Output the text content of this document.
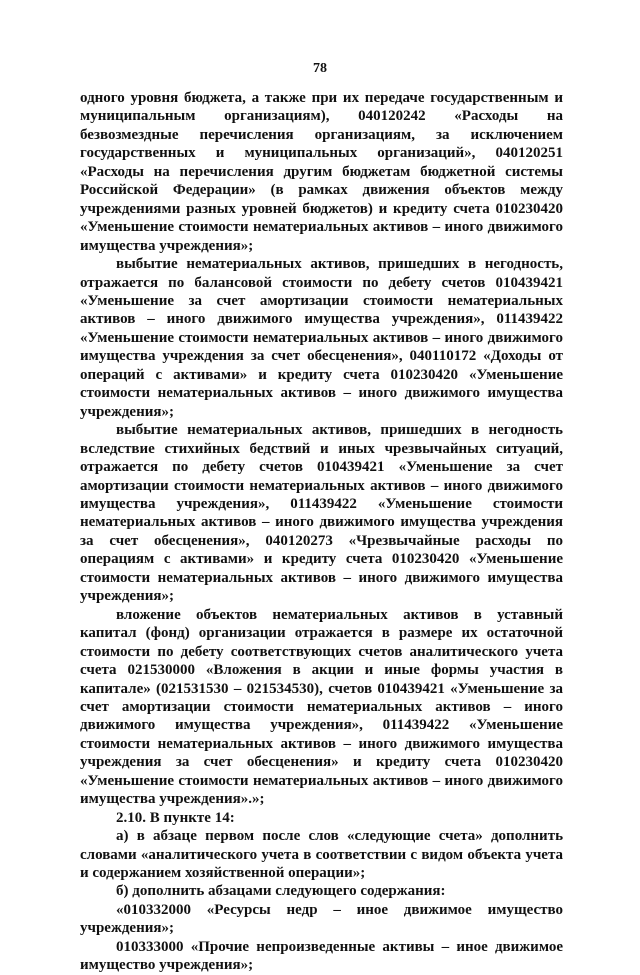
78

одного уровня бюджета, а также при их передаче государственным и муниципальным организациям), 040120242 «Расходы на безвозмездные перечисления организациям, за исключением государственных и муниципальных организаций», 040120251 «Расходы на перечисления другим бюджетам бюджетной системы Российской Федерации» (в рамках движения объектов между учреждениями разных уровней бюджетов) и кредиту счета 010230420 «Уменьшение стоимости нематериальных активов – иного движимого имущества учреждения»;

выбытие нематериальных активов, пришедших в негодность, отражается по балансовой стоимости по дебету счетов 010439421 «Уменьшение за счет амортизации стоимости нематериальных активов – иного движимого имущества учреждения», 011439422 «Уменьшение стоимости нематериальных активов – иного движимого имущества учреждения за счет обесценения», 040110172 «Доходы от операций с активами» и кредиту счета 010230420 «Уменьшение стоимости нематериальных активов – иного движимого имущества учреждения»;

выбытие нематериальных активов, пришедших в негодность вследствие стихийных бедствий и иных чрезвычайных ситуаций, отражается по дебету счетов 010439421 «Уменьшение за счет амортизации стоимости нематериальных активов – иного движимого имущества учреждения», 011439422 «Уменьшение стоимости нематериальных активов – иного движимого имущества учреждения за счет обесценения», 040120273 «Чрезвычайные расходы по операциям с активами» и кредиту счета 010230420 «Уменьшение стоимости нематериальных активов – иного движимого имущества учреждения»;

вложение объектов нематериальных активов в уставный капитал (фонд) организации отражается в размере их остаточной стоимости по дебету соответствующих счетов аналитического учета счета 021530000 «Вложения в акции и иные формы участия в капитале» (021531530 – 021534530), счетов 010439421 «Уменьшение за счет амортизации стоимости нематериальных активов – иного движимого имущества учреждения», 011439422 «Уменьшение стоимости нематериальных активов – иного движимого имущества учреждения за счет обесценения» и кредиту счета 010230420 «Уменьшение стоимости нематериальных активов – иного движимого имущества учреждения».»;

2.10. В пункте 14:

а) в абзаце первом после слов «следующие счета» дополнить словами «аналитического учета в соответствии с видом объекта учета и содержанием хозяйственной операции»;

б) дополнить абзацами следующего содержания:

«010332000 «Ресурсы недр – иное движимое имущество учреждения»;

010333000 «Прочие непроизведенные активы – иное движимое имущество учреждения»;
